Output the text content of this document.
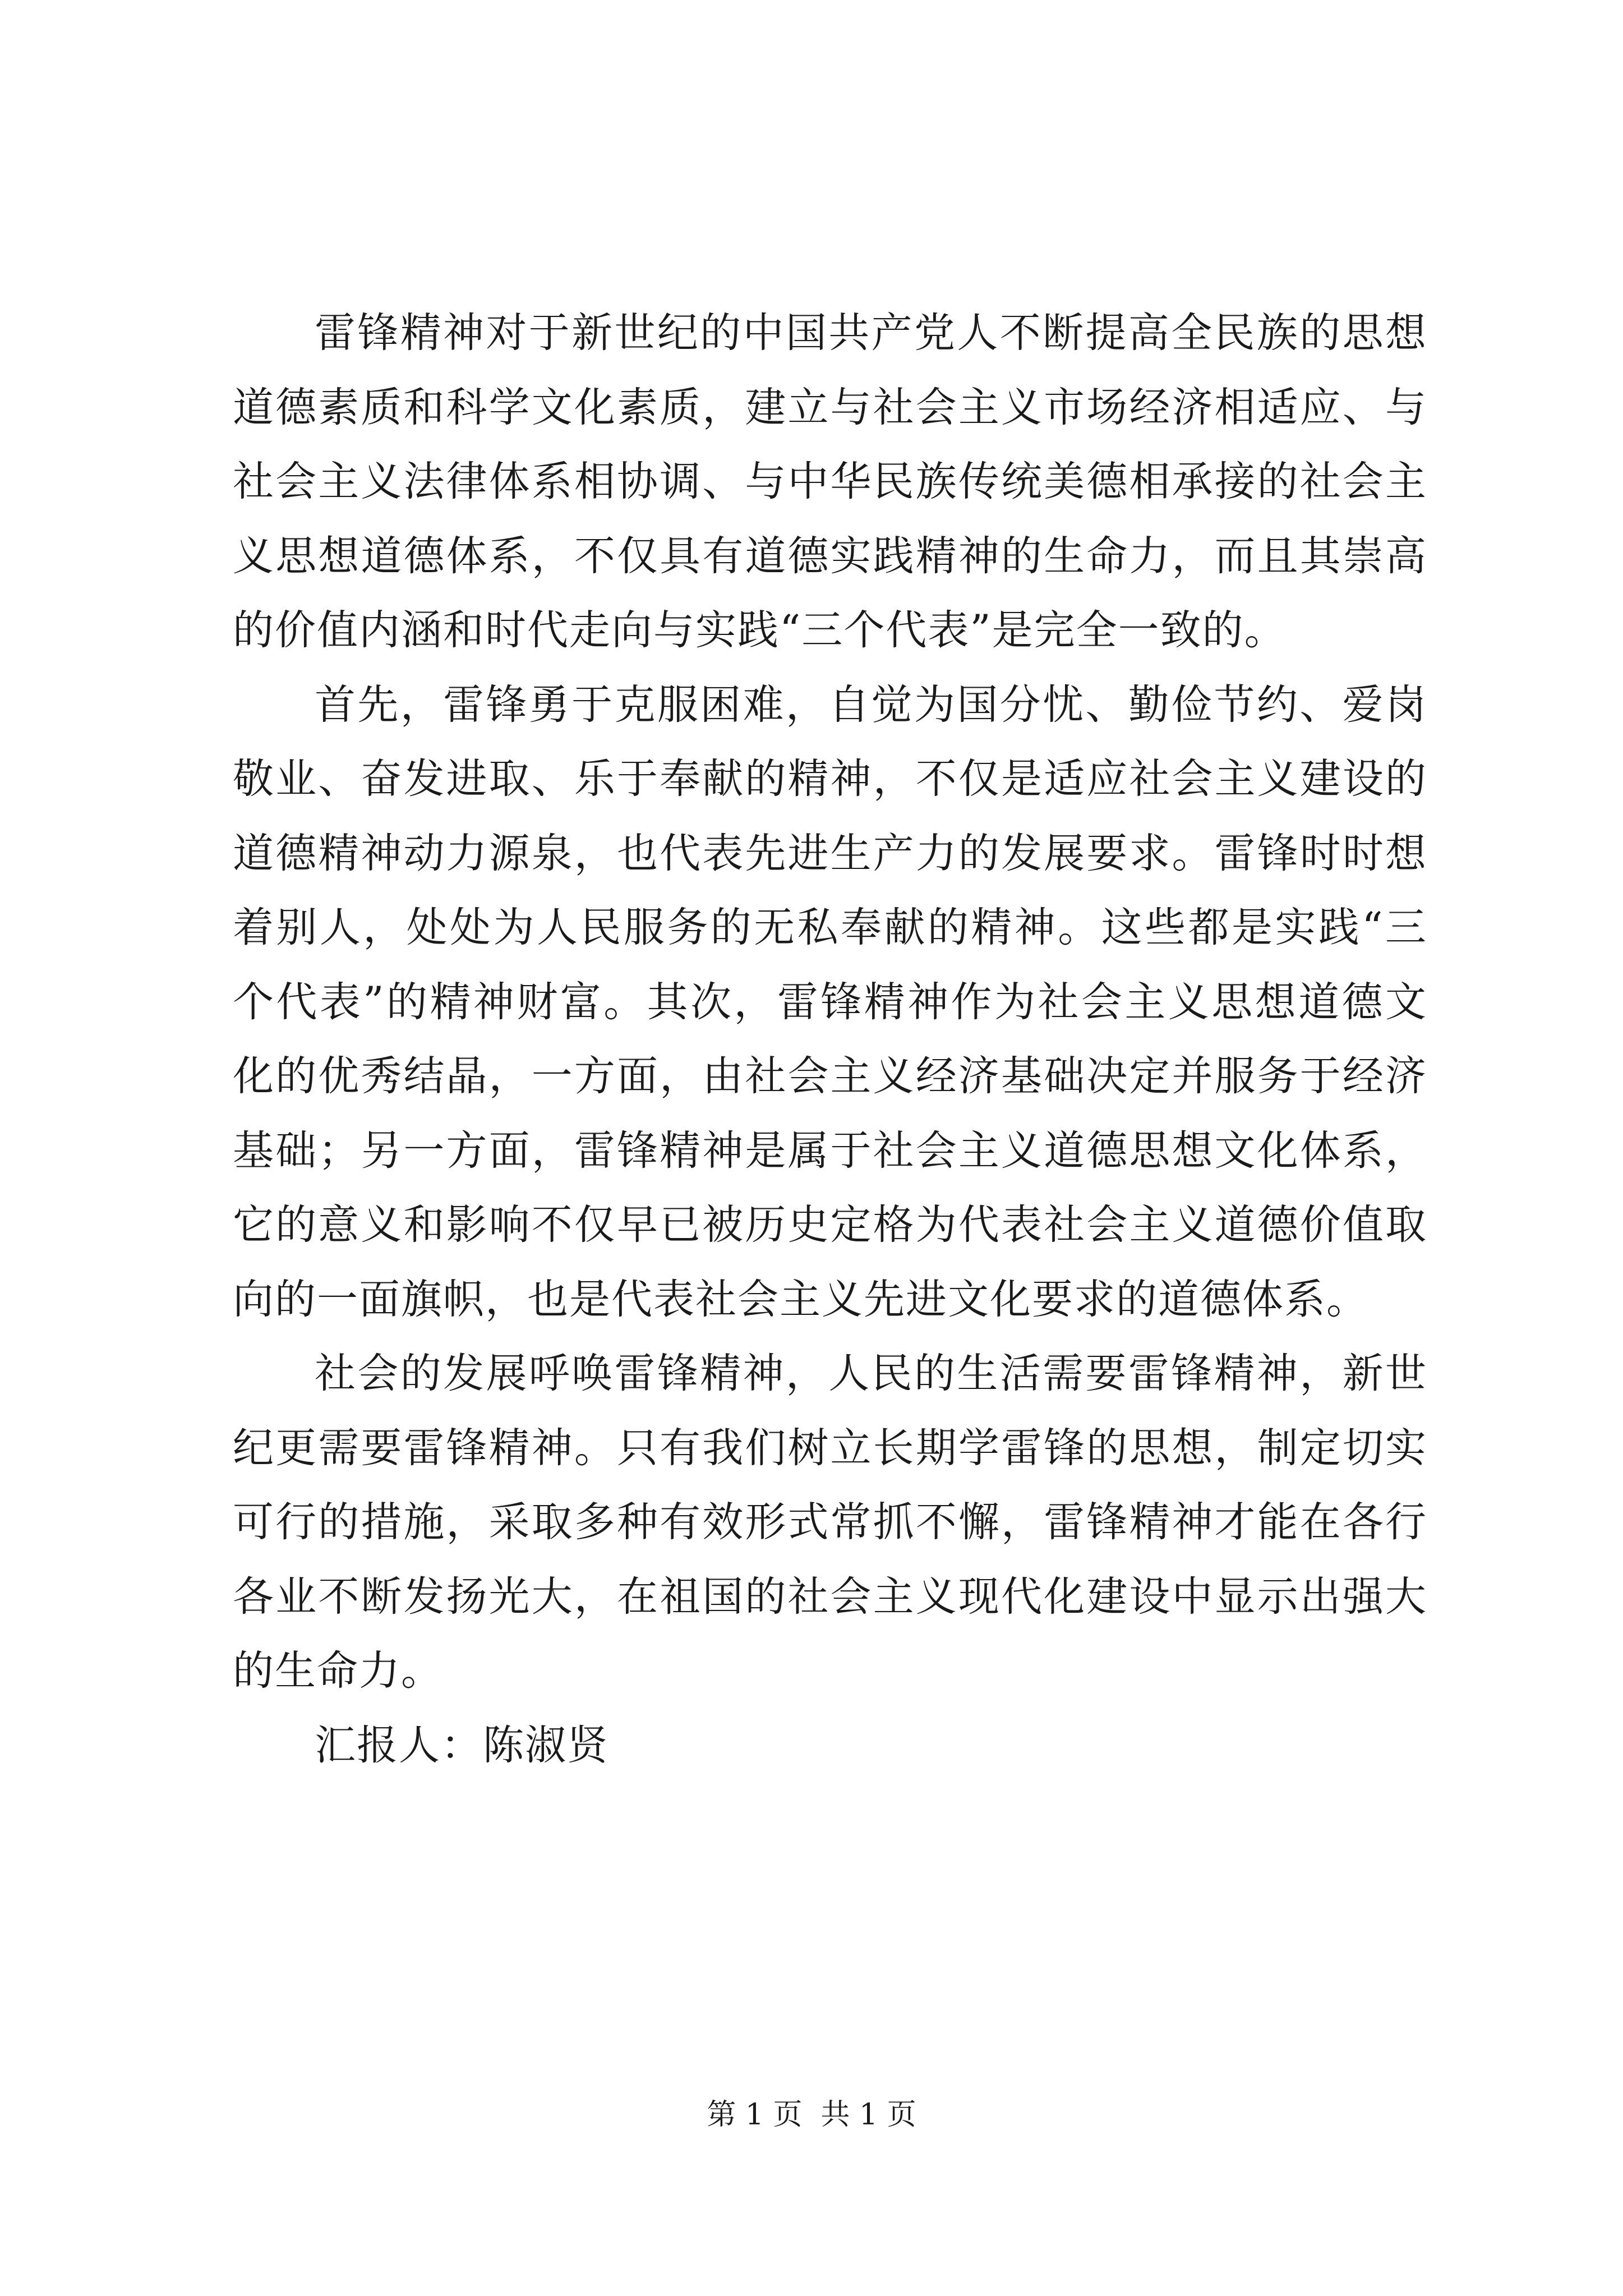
雷锋精神对于新世纪的中国共产党人不断提高全民族的思想道德素质和科学文化素质，建立与社会主义市场经济相适应、与社会主义法律体系相协调、与中华民族传统美德相承接的社会主义思想道德体系，不仅具有道德实践精神的生命力，而且其崇高的价值内涵和时代走向与实践“三个代表”是完全一致的。

首先，雷锋勇于克服困难，自觉为国分忧、勤俭节约、爱岗敬业、奋发进取、乐于奉献的精神，不仅是适应社会主义建设的道德精神动力源泉，也代表先进生产力的发展要求。雷锋时时想着别人，处处为人民服务的无私奉献的精神。这些都是实践“三个代表”的精神财富。其次，雷锋精神作为社会主义思想道德文化的优秀结晶，一方面，由社会主义经济基础决定并服务于经济基础；另一方面，雷锋精神是属于社会主义道德思想文化体系，它的意义和影响不仅早已被历史定格为代表社会主义道德价值取向的一面旗帜，也是代表社会主义先进文化要求的道德体系。

社会的发展呼唤雷锋精神，人民的生活需要雷锋精神，新世纪更需要雷锋精神。只有我们树立长期学雷锋的思想，制定切实可行的措施，采取多种有效形式常抓不懈，雷锋精神才能在各行各业不断发扬光大，在祖国的社会主义现代化建设中显示出强大的生命力。

汇报人：陈淑贤

第 1 页  共 1 页
